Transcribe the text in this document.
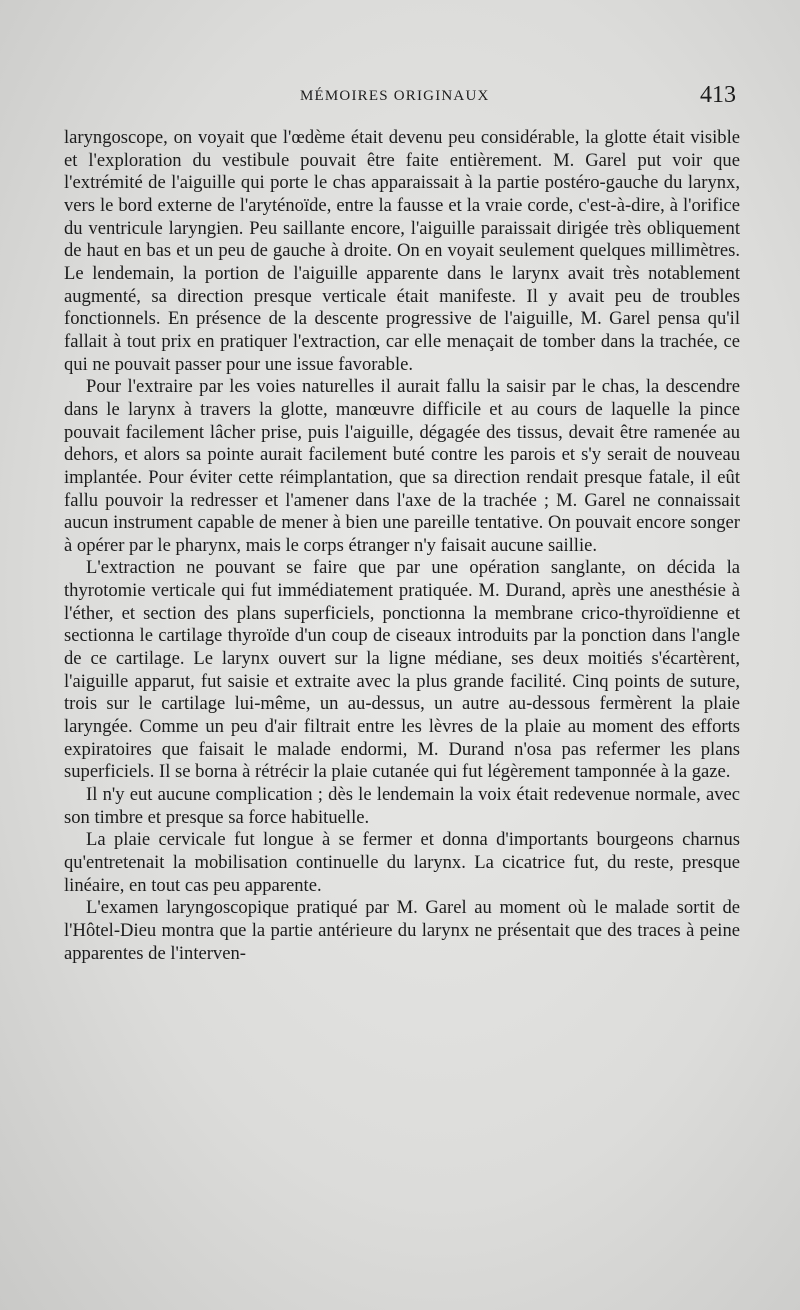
MÉMOIRES ORIGINAUX	413

laryngoscope, on voyait que l'œdème était devenu peu considérable, la glotte était visible et l'exploration du vestibule pouvait être faite entièrement. M. Garel put voir que l'extrémité de l'aiguille qui porte le chas apparaissait à la partie postéro-gauche du larynx, vers le bord externe de l'aryténoïde, entre la fausse et la vraie corde, c'est-à-dire, à l'orifice du ventricule laryngien. Peu saillante encore, l'aiguille paraissait dirigée très obliquement de haut en bas et un peu de gauche à droite. On en voyait seulement quelques millimètres. Le lendemain, la portion de l'aiguille apparente dans le larynx avait très notablement augmenté, sa direction presque verticale était manifeste. Il y avait peu de troubles fonctionnels. En présence de la descente progressive de l'aiguille, M. Garel pensa qu'il fallait à tout prix en pratiquer l'extraction, car elle menaçait de tomber dans la trachée, ce qui ne pouvait passer pour une issue favorable.

Pour l'extraire par les voies naturelles il aurait fallu la saisir par le chas, la descendre dans le larynx à travers la glotte, manœuvre difficile et au cours de laquelle la pince pouvait facilement lâcher prise, puis l'aiguille, dégagée des tissus, devait être ramenée au dehors, et alors sa pointe aurait facilement buté contre les parois et s'y serait de nouveau implantée. Pour éviter cette réimplantation, que sa direction rendait presque fatale, il eût fallu pouvoir la redresser et l'amener dans l'axe de la trachée ; M. Garel ne connaissait aucun instrument capable de mener à bien une pareille tentative. On pouvait encore songer à opérer par le pharynx, mais le corps étranger n'y faisait aucune saillie.

L'extraction ne pouvant se faire que par une opération sanglante, on décida la thyrotomie verticale qui fut immédiatement pratiquée. M. Durand, après une anesthésie à l'éther, et section des plans superficiels, ponctionna la membrane crico-thyroïdienne et sectionna le cartilage thyroïde d'un coup de ciseaux introduits par la ponction dans l'angle de ce cartilage. Le larynx ouvert sur la ligne médiane, ses deux moitiés s'écartèrent, l'aiguille apparut, fut saisie et extraite avec la plus grande facilité. Cinq points de suture, trois sur le cartilage lui-même, un au-dessus, un autre au-dessous fermèrent la plaie laryngée. Comme un peu d'air filtrait entre les lèvres de la plaie au moment des efforts expiratoires que faisait le malade endormi, M. Durand n'osa pas refermer les plans superficiels. Il se borna à rétrécir la plaie cutanée qui fut légèrement tamponnée à la gaze.

Il n'y eut aucune complication ; dès le lendemain la voix était redevenue normale, avec son timbre et presque sa force habituelle.

La plaie cervicale fut longue à se fermer et donna d'importants bourgeons charnus qu'entretenait la mobilisation continuelle du larynx. La cicatrice fut, du reste, presque linéaire, en tout cas peu apparente.

L'examen laryngoscopique pratiqué par M. Garel au moment où le malade sortit de l'Hôtel-Dieu montra que la partie antérieure du larynx ne présentait que des traces à peine apparentes de l'interven-
